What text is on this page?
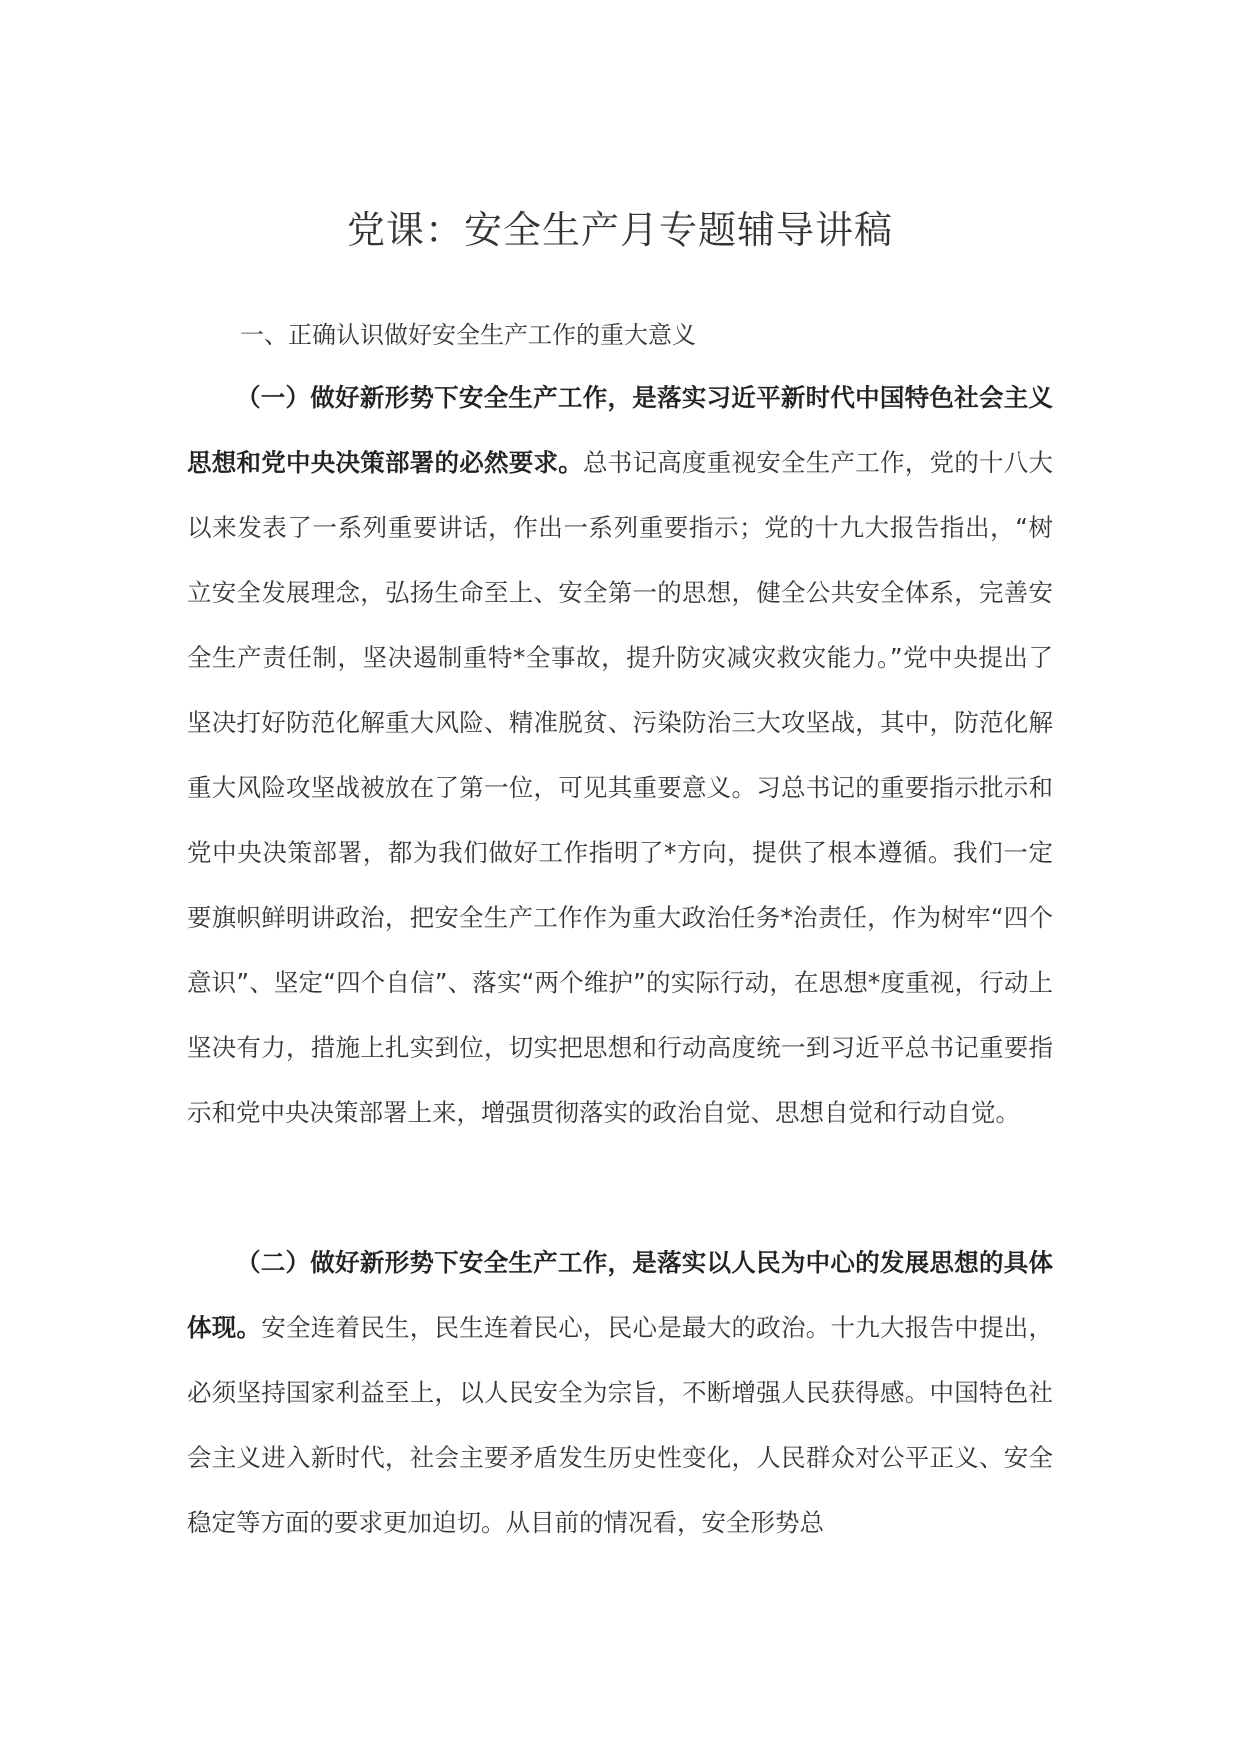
党课：安全生产月专题辅导讲稿
一、正确认识做好安全生产工作的重大意义

（一）做好新形势下安全生产工作，是落实习近平新时代中国特色社会主义思想和党中央决策部署的必然要求。总书记高度重视安全生产工作，党的十八大以来发表了一系列重要讲话，作出一系列重要指示；党的十九大报告指出，“树立安全发展理念，弘扬生命至上、安全第一的思想，健全公共安全体系，完善安全生产责任制，坚决遏制重特*全事故，提升防灾减灾救灾能力。”党中央提出了坚决打好防范化解重大风险、精准脱贫、污染防治三大攻坚战，其中，防范化解重大风险攻坚战被放在了第一位，可见其重要意义。习总书记的重要指示批示和党中央决策部署，都为我们做好工作指明了*方向，提供了根本遵循。我们一定要旗帜鲜明讲政治，把安全生产工作作为重大政治任务*治责任，作为树牢“四个意识”、坚定“四个自信”、落实“两个维护”的实际行动，在思想*度重视，行动上坚决有力，措施上扎实到位，切实把思想和行动高度统一到习近平总书记重要指示和党中央决策部署上来，增强贯彻落实的政治自觉、思想自觉和行动自觉。

（二）做好新形势下安全生产工作，是落实以人民为中心的发展思想的具体体现。安全连着民生，民生连着民心，民心是最大的政治。十九大报告中提出，必须坚持国家利益至上，以人民安全为宗旨，不断增强人民获得感。中国特色社会主义进入新时代，社会主要矛盾发生历史性变化，人民群众对公平正义、安全稳定等方面的要求更加迫切。从目前的情况看，安全形势总
